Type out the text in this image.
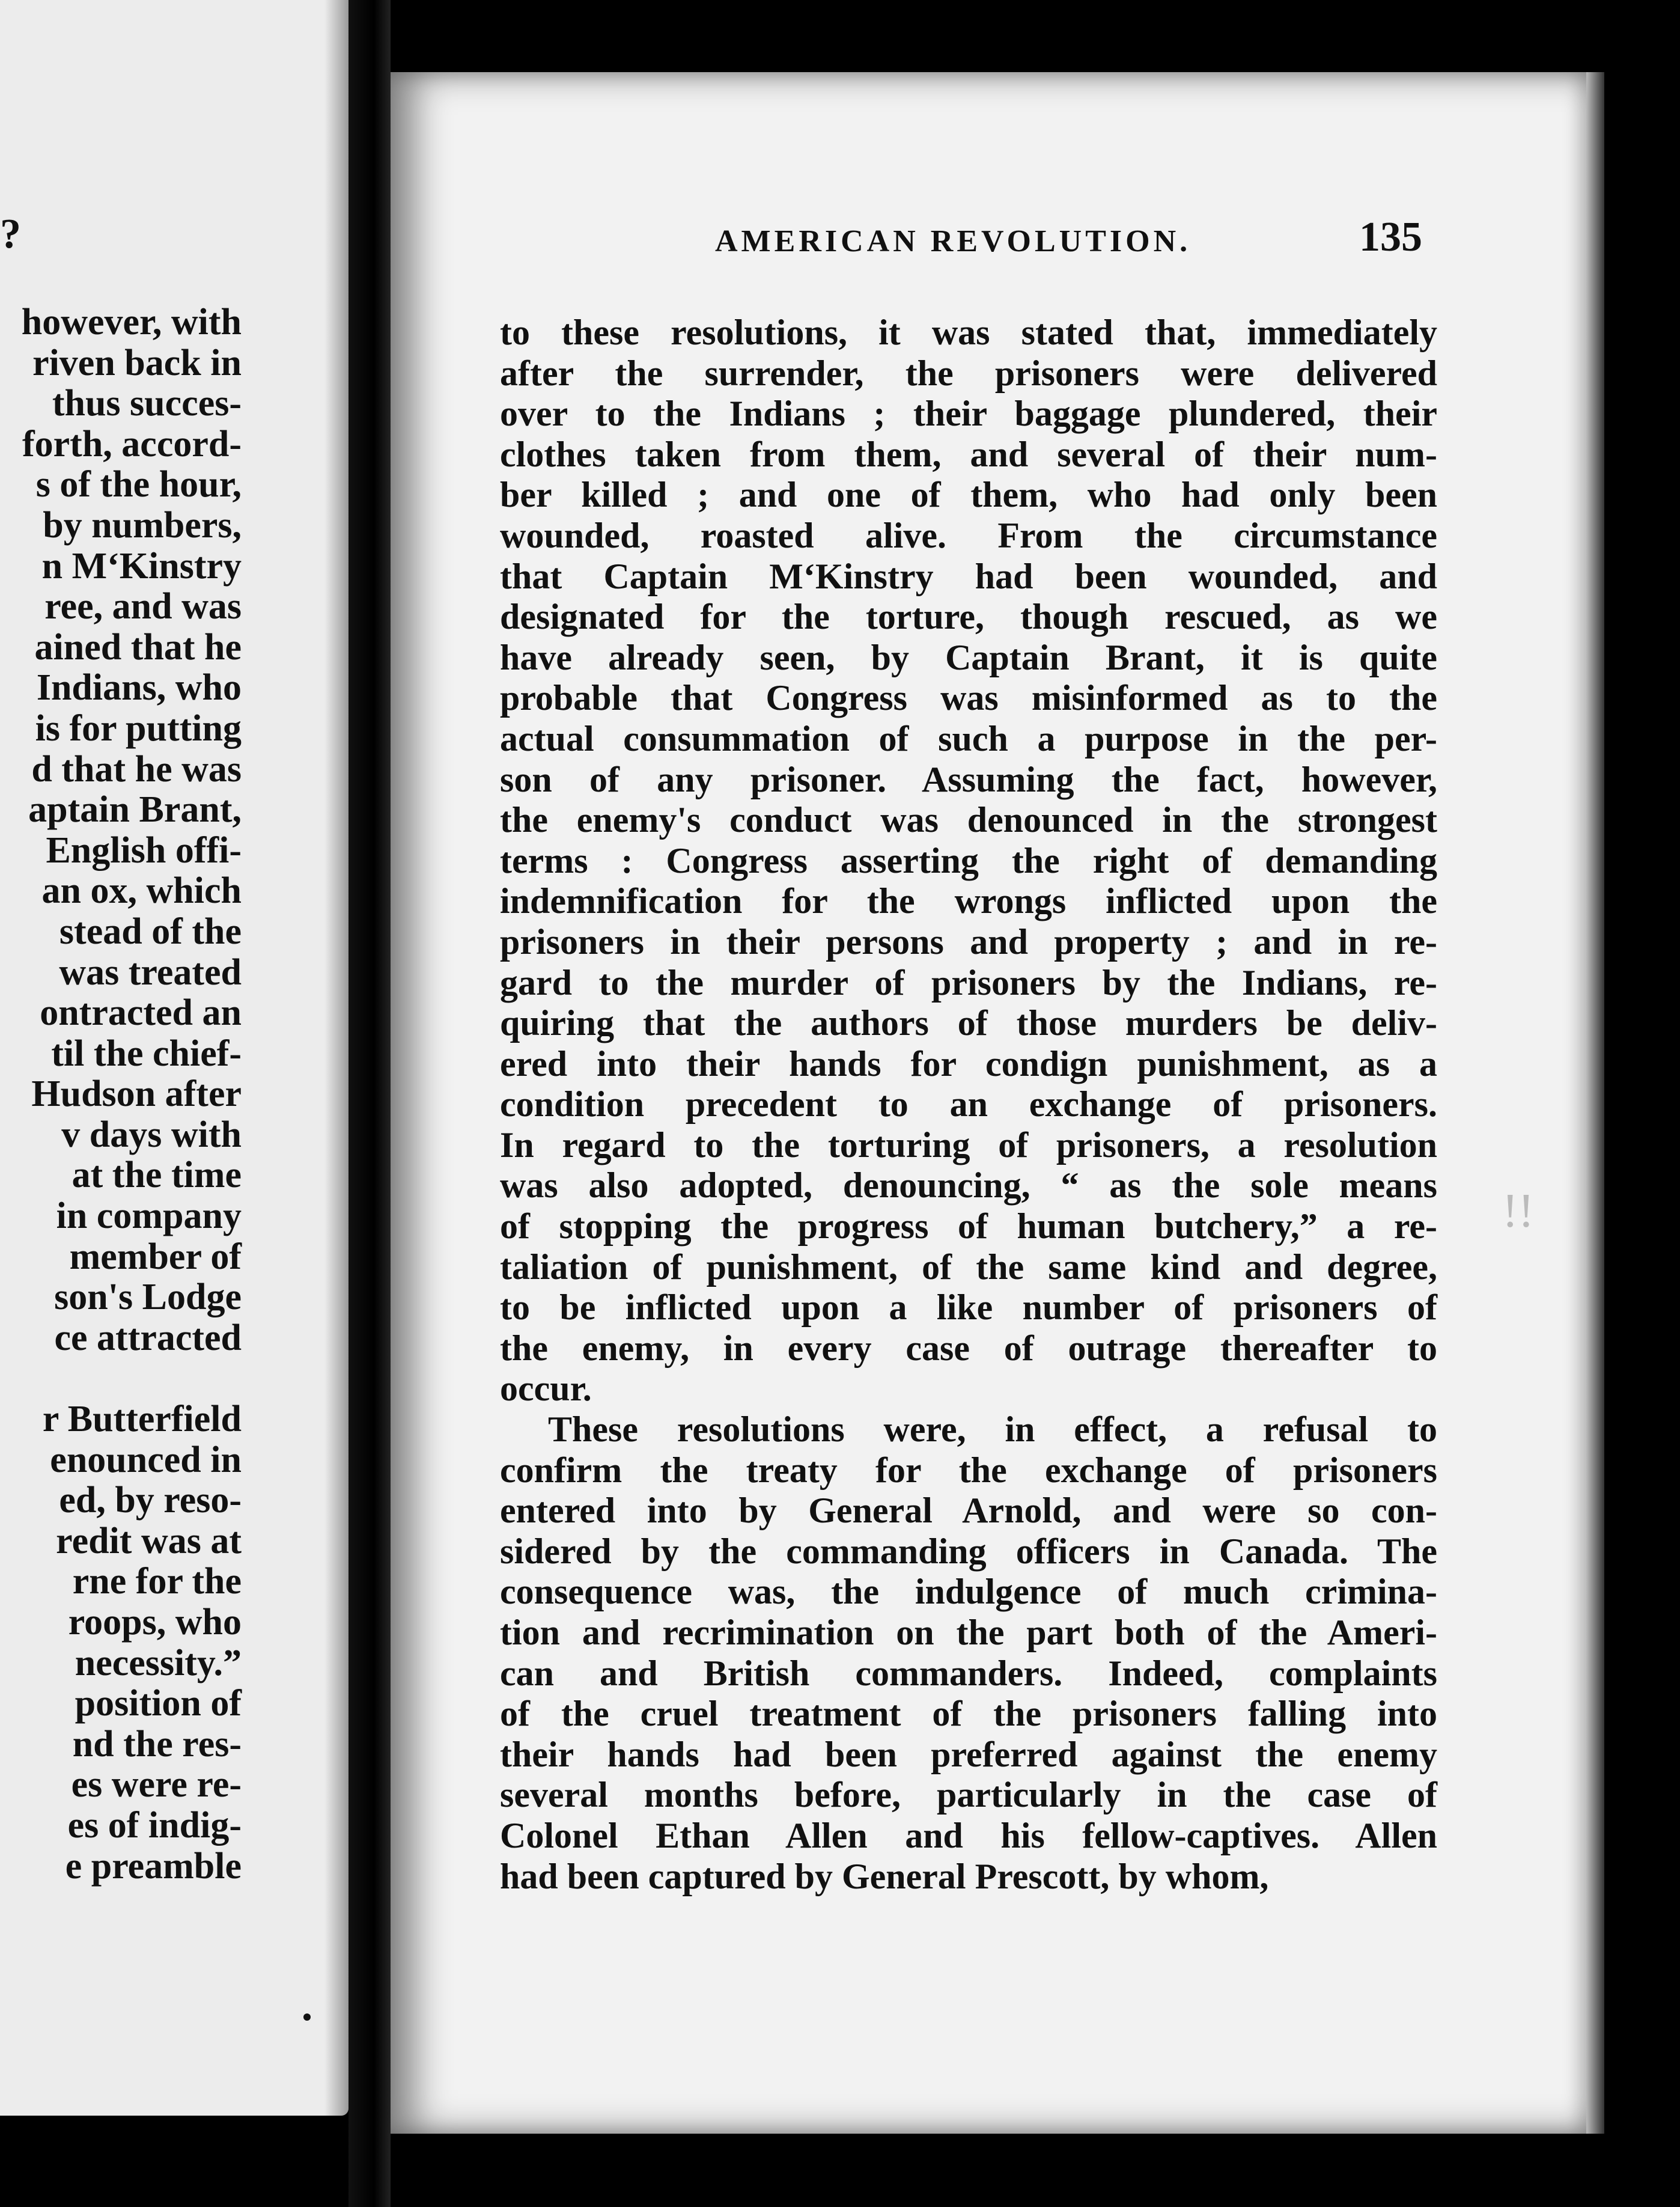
?
however, with
riven back in
thus succes-
forth, accord-
s of the hour,
by numbers,
n M‘Kinstry
ree, and was
ained that he
Indians, who
is for putting
d that he was
aptain Brant,
English offi-
an ox, which
stead of the
was treated
ontracted an
til the chief-
Hudson after
v days with
at the time
in company
member of
son's Lodge
ce attracted
r Butterfield
enounced in
ed, by reso-
redit was at
rne for the
roops, who
necessity.”
position of
nd the res-
es were re-
es of indig-
e preamble
AMERICAN REVOLUTION.	135
to these resolutions, it was stated that, immediately
after the surrender, the prisoners were delivered
over to the Indians ; their baggage plundered, their
clothes taken from them, and several of their num-
ber killed ; and one of them, who had only been
wounded, roasted alive. From the circumstance
that Captain M‘Kinstry had been wounded, and
designated for the torture, though rescued, as we
have already seen, by Captain Brant, it is quite
probable that Congress was misinformed as to the
actual consummation of such a purpose in the per-
son of any prisoner. Assuming the fact, however,
the enemy's conduct was denounced in the strongest
terms : Congress asserting the right of demanding
indemnification for the wrongs inflicted upon the
prisoners in their persons and property ; and in re-
gard to the murder of prisoners by the Indians, re-
quiring that the authors of those murders be deliv-
ered into their hands for condign punishment, as a
condition precedent to an exchange of prisoners.
In regard to the torturing of prisoners, a resolution
was also adopted, denouncing, “ as the sole means
of stopping the progress of human butchery,” a re-
taliation of punishment, of the same kind and degree,
to be inflicted upon a like number of prisoners of
the enemy, in every case of outrage thereafter to
occur.
These resolutions were, in effect, a refusal to
confirm the treaty for the exchange of prisoners
entered into by General Arnold, and were so con-
sidered by the commanding officers in Canada. The
consequence was, the indulgence of much crimina-
tion and recrimination on the part both of the Ameri-
can and British commanders. Indeed, complaints
of the cruel treatment of the prisoners falling into
their hands had been preferred against the enemy
several months before, particularly in the case of
Colonel Ethan Allen and his fellow-captives. Allen
had been captured by General Prescott, by whom,
!!
